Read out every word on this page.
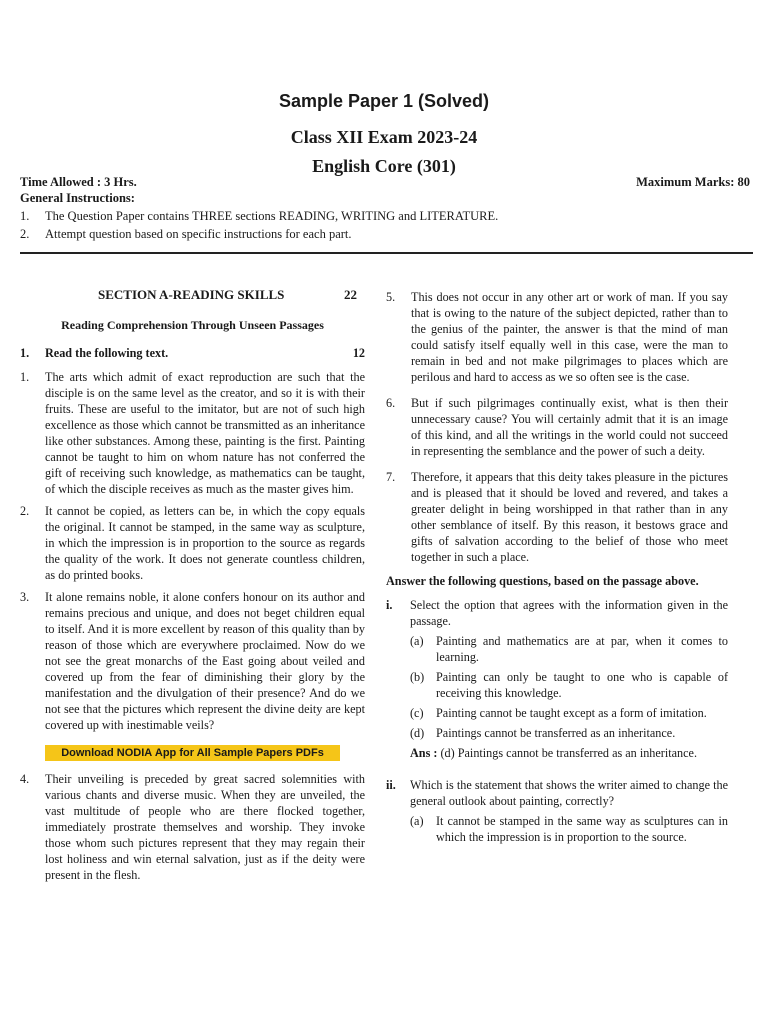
Sample Paper 1 (Solved)
Class XII Exam 2023-24
English Core (301)
Time Allowed : 3 Hrs.	Maximum Marks: 80
General Instructions:
1. The Question Paper contains THREE sections READING, WRITING and LITERATURE.
2. Attempt question based on specific instructions for each part.
SECTION A-READING SKILLS	22
Reading Comprehension Through Unseen Passages
1. Read the following text.	12
1. The arts which admit of exact reproduction are such that the disciple is on the same level as the creator, and so it is with their fruits. These are useful to the imitator, but are not of such high excellence as those which cannot be transmitted as an inheritance like other substances. Among these, painting is the first. Painting cannot be taught to him on whom nature has not conferred the gift of receiving such knowledge, as mathematics can be taught, of which the disciple receives as much as the master gives him.
2. It cannot be copied, as letters can be, in which the copy equals the original. It cannot be stamped, in the same way as sculpture, in which the impression is in proportion to the source as regards the quality of the work. It does not generate countless children, as do printed books.
3. It alone remains noble, it alone confers honour on its author and remains precious and unique, and does not beget children equal to itself. And it is more excellent by reason of this quality than by reason of those which are everywhere proclaimed. Now do we not see the great monarchs of the East going about veiled and covered up from the fear of diminishing their glory by the manifestation and the divulgation of their presence? And do we not see that the pictures which represent the divine deity are kept covered up with inestimable veils?
Download NODIA App for All Sample Papers PDFs
4. Their unveiling is preceded by great sacred solemnities with various chants and diverse music. When they are unveiled, the vast multitude of people who are there flocked together, immediately prostrate themselves and worship. They invoke those whom such pictures represent that they may regain their lost holiness and win eternal salvation, just as if the deity were present in the flesh.
5. This does not occur in any other art or work of man. If you say that is owing to the nature of the subject depicted, rather than to the genius of the painter, the answer is that the mind of man could satisfy itself equally well in this case, were the man to remain in bed and not make pilgrimages to places which are perilous and hard to access as we so often see is the case.
6. But if such pilgrimages continually exist, what is then their unnecessary cause? You will certainly admit that it is an image of this kind, and all the writings in the world could not succeed in representing the semblance and the power of such a deity.
7. Therefore, it appears that this deity takes pleasure in the pictures and is pleased that it should be loved and revered, and takes a greater delight in being worshipped in that rather than in any other semblance of itself. By this reason, it bestows grace and gifts of salvation according to the belief of those who meet together in such a place.
Answer the following questions, based on the passage above.
i. Select the option that agrees with the information given in the passage.
(a) Painting and mathematics are at par, when it comes to learning.
(b) Painting can only be taught to one who is capable of receiving this knowledge.
(c) Painting cannot be taught except as a form of imitation.
(d) Paintings cannot be transferred as an inheritance.
Ans : (d) Paintings cannot be transferred as an inheritance.
ii. Which is the statement that shows the writer aimed to change the general outlook about painting, correctly?
(a) It cannot be stamped in the same way as sculptures can in which the impression is in proportion to the source.
